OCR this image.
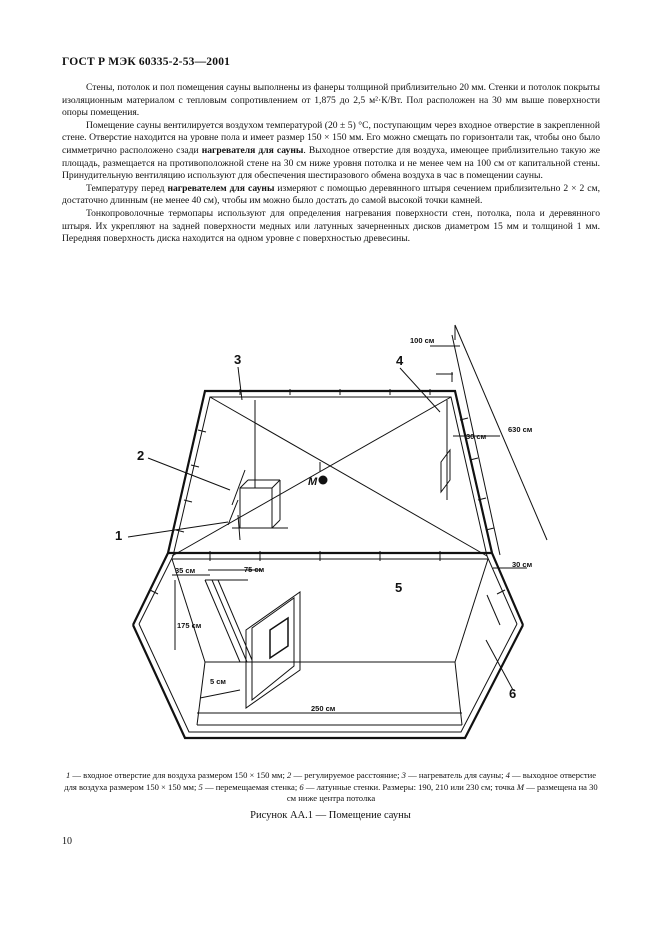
ГОСТ Р МЭК 60335-2-53—2001

Стены, потолок и пол помещения сауны выполнены из фанеры толщиной приблизительно 20 мм. Стенки и потолок покрыты изоляционным материалом с тепловым сопротивлением от 1,875 до 2,5 м²·К/Вт. Пол расположен на 30 мм выше поверхности опоры помещения.

Помещение сауны вентилируется воздухом температурой (20 ± 5) °С, поступающим через входное отверстие в закрепленной стене. Отверстие находится на уровне пола и имеет размер 150 × 150 мм. Его можно смещать по горизонтали так, чтобы оно было симметрично расположено сзади нагревателя для сауны. Выходное отверстие для воздуха, имеющее приблизительно такую же площадь, размещается на противоположной стене на 30 см ниже уровня потолка и не менее чем на 100 см от капитальной стены. Принудительную вентиляцию используют для обеспечения шестиразового обмена воздуха в час в помещении сауны.

Температуру перед нагревателем для сауны измеряют с помощью деревянного штыря сечением приблизительно 2 × 2 см, достаточно длинным (не менее 40 см), чтобы им можно было достать до самой высокой точки камней.

Тонкопроволочные термопары используют для определения нагревания поверхности стен, потолка, пола и деревянного штыря. Их укрепляют на задней поверхности медных или латунных зачерненных дисков диаметром 15 мм и толщиной 1 мм. Передняя поверхность диска находится на одном уровне с поверхностью древесины.

1
2
3	4
5
6
M
100 см
30 см
630 см
30 см
35 см	75 см
175 см
5 см
250 см
1 — входное отверстие для воздуха размером 150 × 150 мм; 2 — регулируемое расстояние; 3 — нагреватель для сауны; 4 — выходное отверстие для воздуха размером 150 × 150 мм; 5 — перемещаемая стенка; 6 — латунные стенки. Размеры: 190, 210 или 230 см; точка M — размещена на 30 см ниже центра потолка
Рисунок АА.1 — Помещение сауны
10
